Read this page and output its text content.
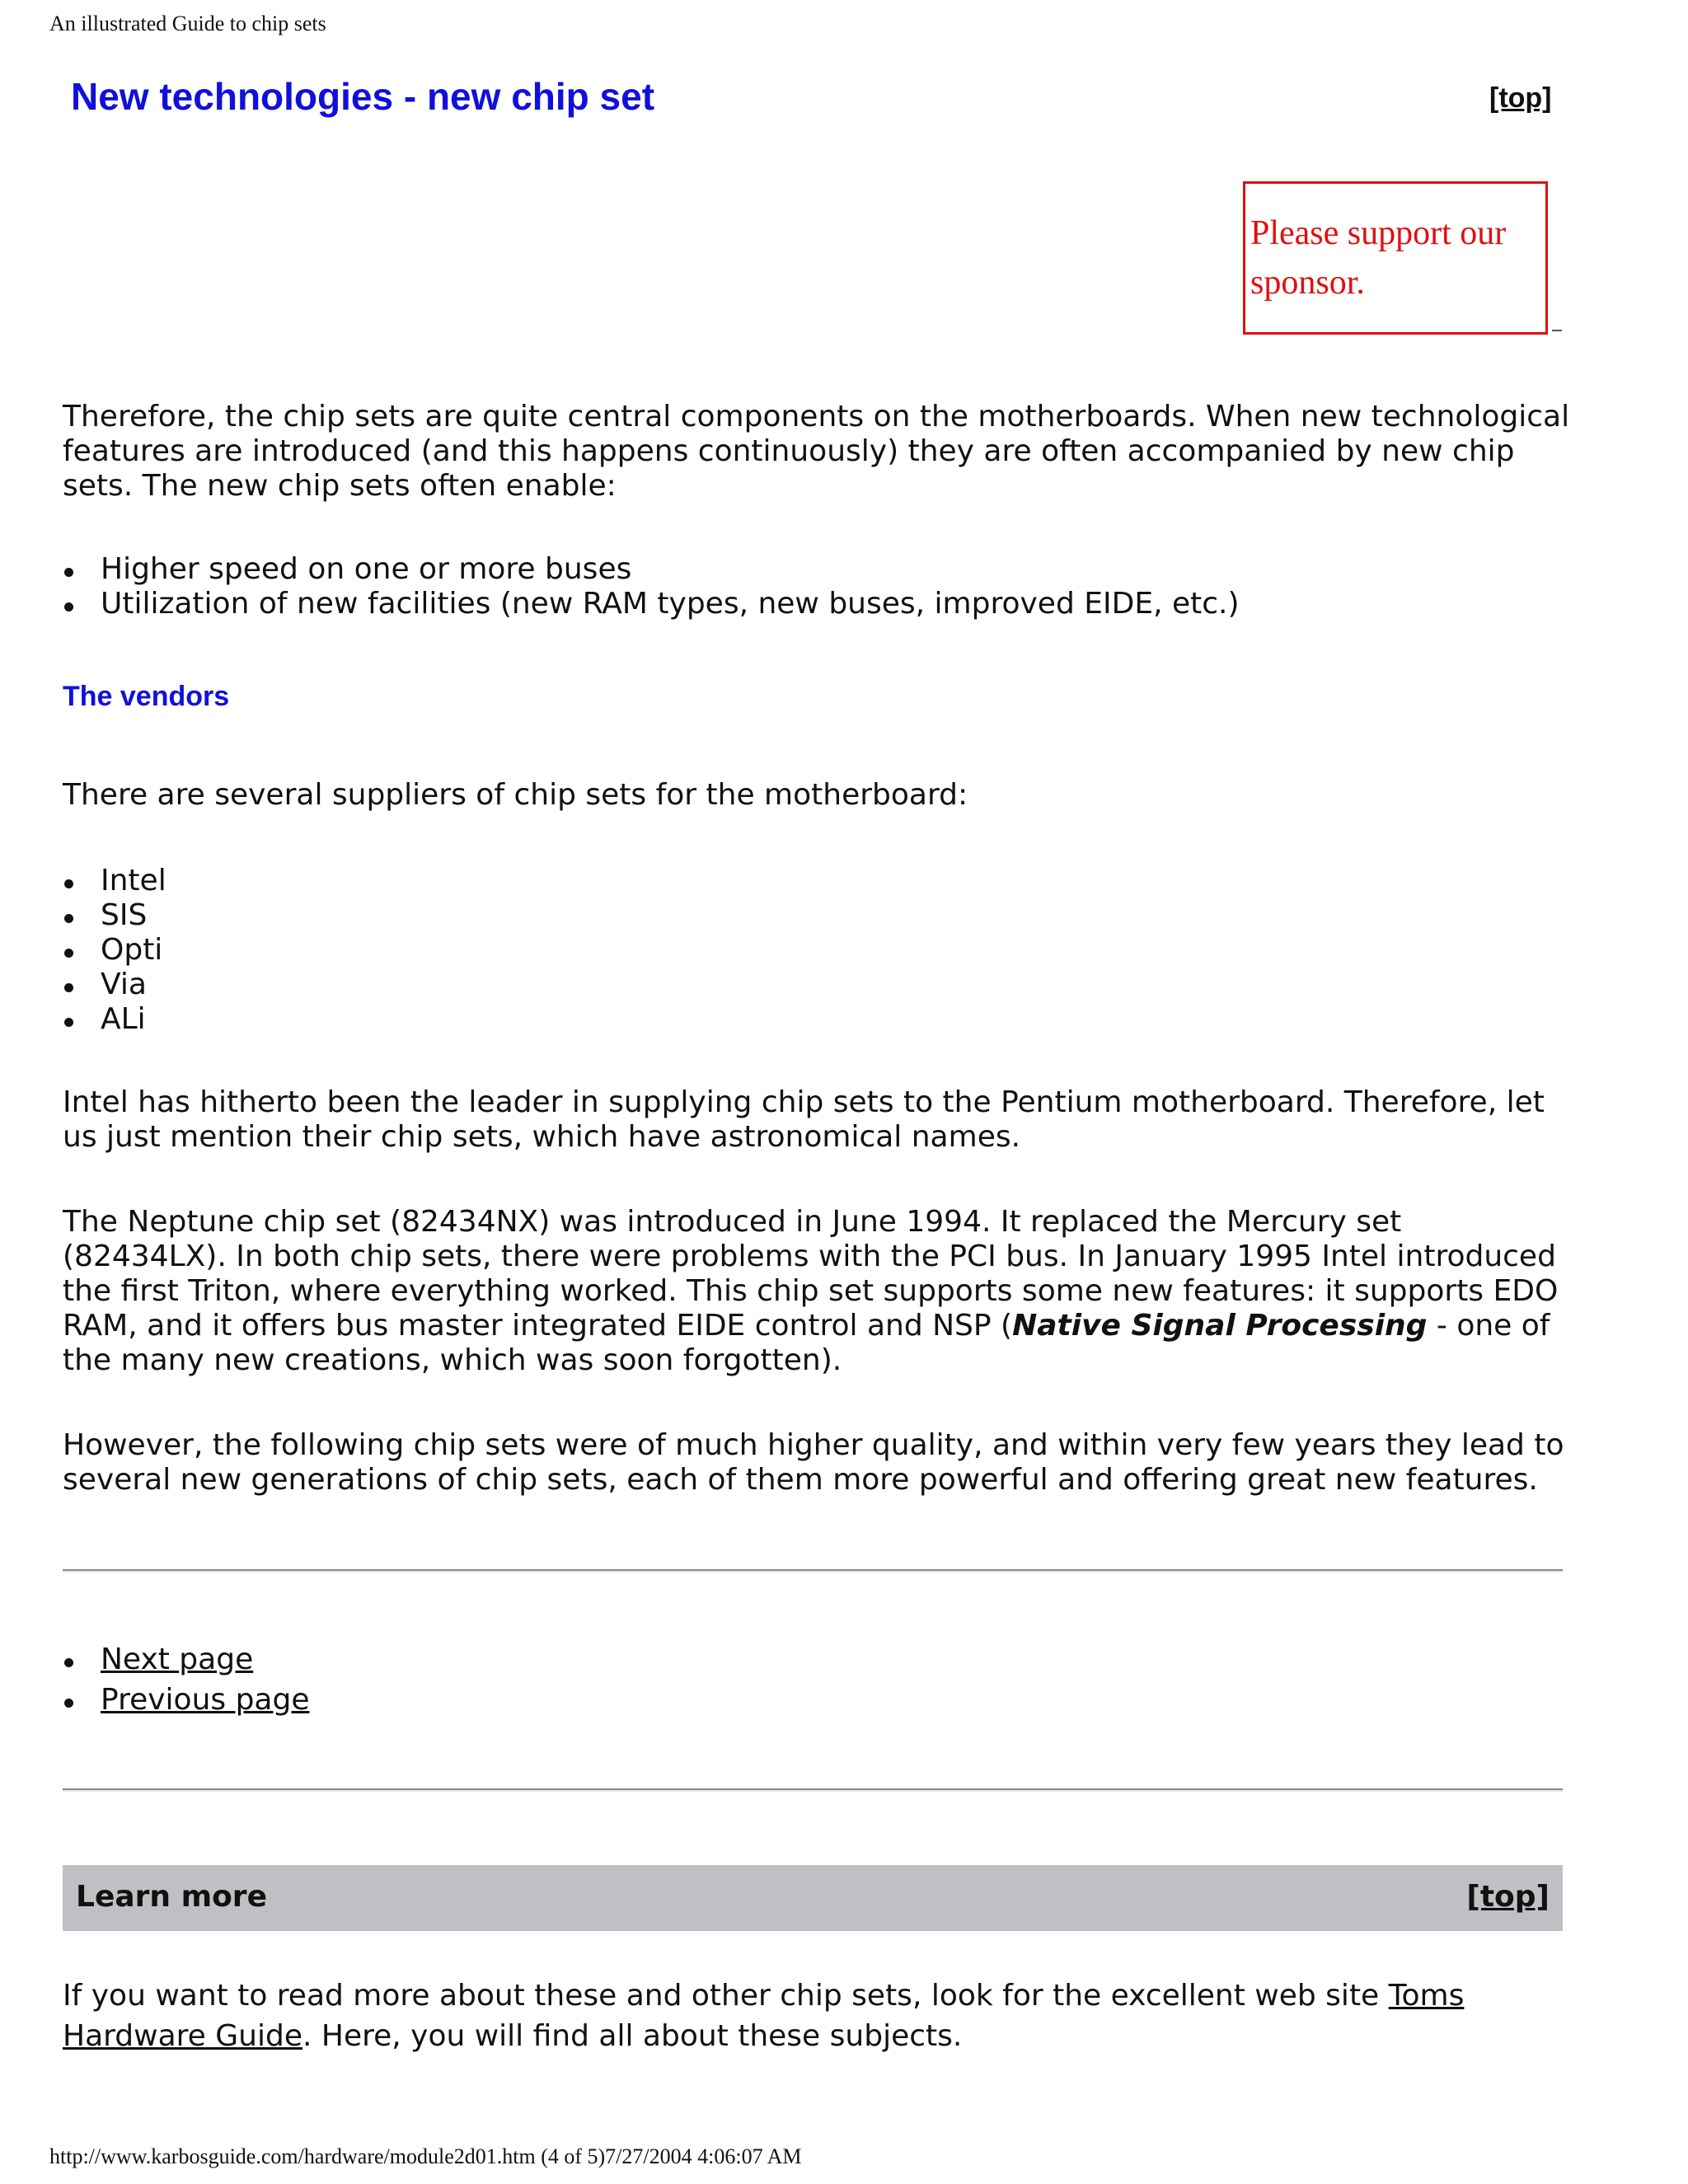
An illustrated Guide to chip sets
New technologies - new chip set	[top]
Please support our
sponsor.

Therefore, the chip sets are quite central components on the motherboards. When new technological features are introduced (and this happens continuously) they are often accompanied by new chip sets. The new chip sets often enable:

Higher speed on one or more buses
Utilization of new facilities (new RAM types, new buses, improved EIDE, etc.)
The vendors

There are several suppliers of chip sets for the motherboard:

Intel
SIS
Opti
Via
ALi

Intel has hitherto been the leader in supplying chip sets to the Pentium motherboard. Therefore, let us just mention their chip sets, which have astronomical names.

The Neptune chip set (82434NX) was introduced in June 1994. It replaced the Mercury set (82434LX). In both chip sets, there were problems with the PCI bus. In January 1995 Intel introduced the first Triton, where everything worked. This chip set supports some new features: it supports EDO RAM, and it offers bus master integrated EIDE control and NSP (Native Signal Processing - one of the many new creations, which was soon forgotten).

However, the following chip sets were of much higher quality, and within very few years they lead to several new generations of chip sets, each of them more powerful and offering great new features.

Next page
Previous page
Learn more	[top]

If you want to read more about these and other chip sets, look for the excellent web site Toms Hardware Guide. Here, you will find all about these subjects.

http://www.karbosguide.com/hardware/module2d01.htm (4 of 5)7/27/2004 4:06:07 AM
